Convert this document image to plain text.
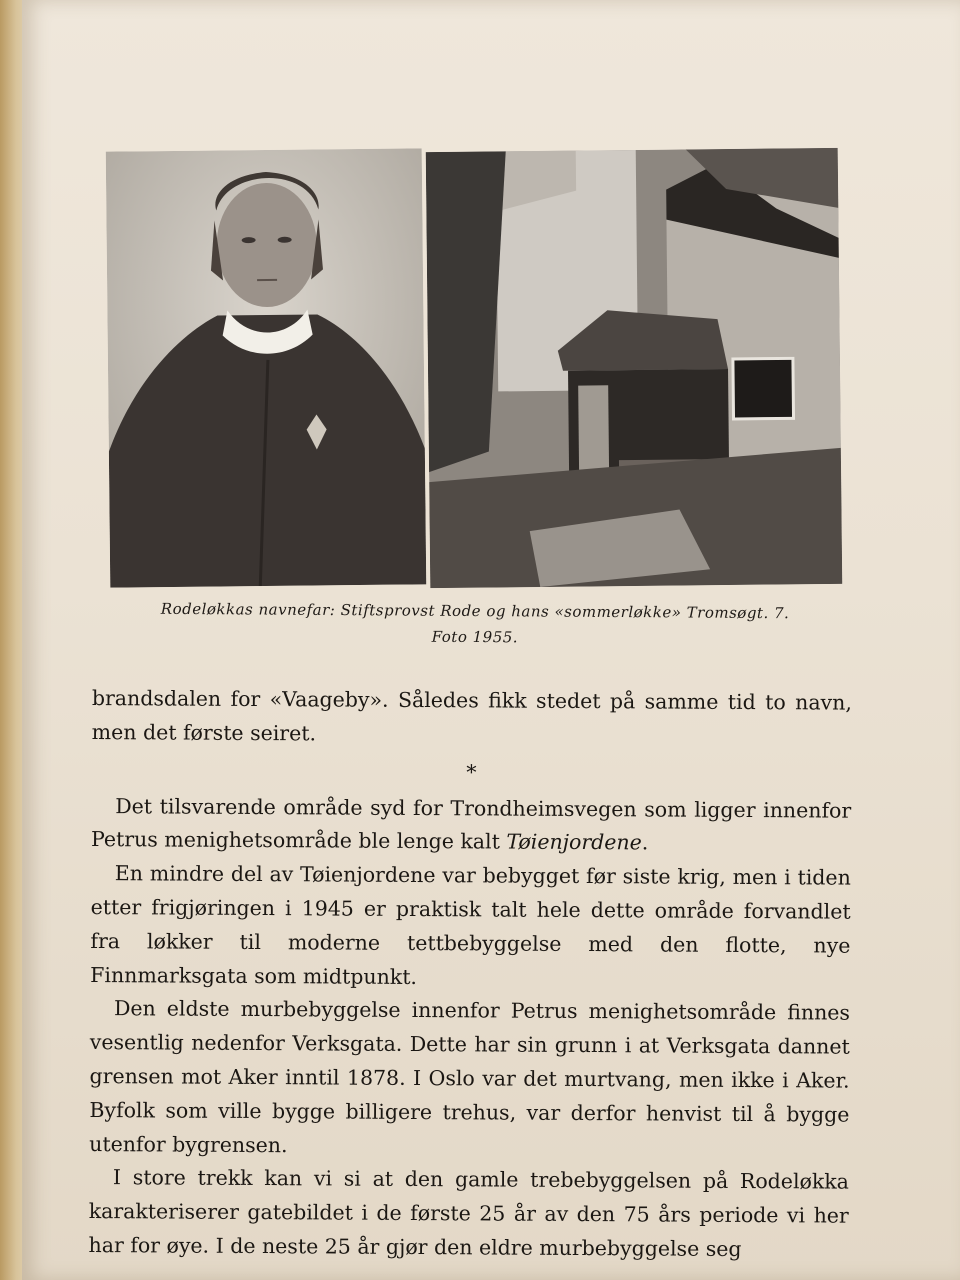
Rodeløkkas navnefar: Stiftsprovst Rode og hans «sommerløkke» Tromsøgt. 7.
Foto 1955.

brandsdalen for «Vaageby». Således fikk stedet på samme tid to navn, men det første seiret.

*

Det tilsvarende område syd for Trondheimsvegen som ligger innenfor Petrus menighetsområde ble lenge kalt Tøienjordene.

En mindre del av Tøienjordene var bebygget før siste krig, men i tiden etter frigjøringen i 1945 er praktisk talt hele dette område forvandlet fra løkker til moderne tettbebyggelse med den flotte, nye Finnmarksgata som midtpunkt.

Den eldste murbebyggelse innenfor Petrus menighetsområde finnes vesentlig nedenfor Verksgata. Dette har sin grunn i at Verksgata dannet grensen mot Aker inntil 1878. I Oslo var det murtvang, men ikke i Aker. Byfolk som ville bygge billigere trehus, var derfor henvist til å bygge utenfor bygrensen.

I store trekk kan vi si at den gamle trebebyggelsen på Rodeløkka karakteriserer gatebildet i de første 25 år av den 75 års periode vi her har for øye. I de neste 25 år gjør den eldre murbebyggelse seg
